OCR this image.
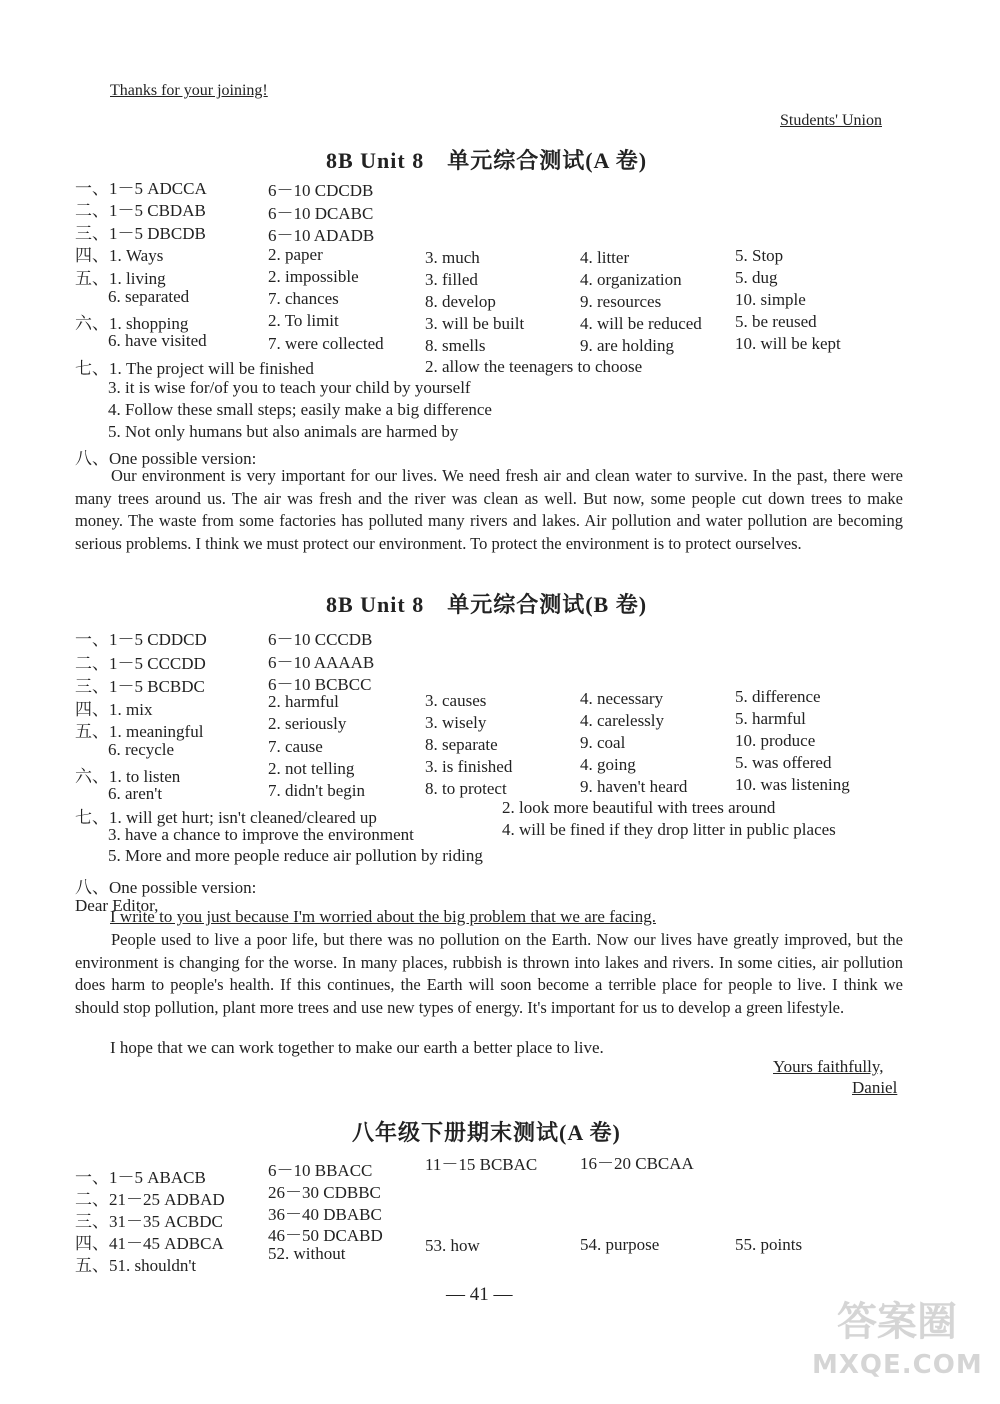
Thanks for your joining!
Students' Union
8B Unit 8　单元综合测试(A 卷)
一、1－5 ADCCA	6－10 CDCDB
二、1－5 CBDAB	6－10 DCABC
三、1－5 DBCDB	6－10 ADADB
四、1. Ways	2. paper	3. much	4. litter	5. Stop
五、1. living	2. impossible	3. filled	4. organization	5. dug
6. separated	7. chances	8. develop	9. resources	10. simple
六、1. shopping	2. To limit	3. will be built	4. will be reduced 5. be reused
6. have visited	7. were collected 8. smells	9. are holding	10. will be kept
七、1. The project will be finished	2. allow the teenagers to choose
3. it is wise for/of you to teach your child by yourself
4. Follow these small steps; easily make a big difference
5. Not only humans but also animals are harmed by
八、One possible version:
Our environment is very important for our lives. We need fresh air and clean water to survive. In the past, there were many trees around us. The air was fresh and the river was clean as well. But now, some people cut down trees to make money. The waste from some factories has polluted many rivers and lakes. Air pollution and water pollution are becoming serious problems. I think we must protect our environment. To protect the environment is to protect ourselves.
8B Unit 8　单元综合测试(B 卷)
一、1－5 CDDCD	6－10 CCCDB
二、1－5 CCCDD	6－10 AAAAB
三、1－5 BCBDC	6－10 BCBCC
四、1. mix	2. harmful	3. causes	4. necessary	5. difference
五、1. meaningful	2. seriously	3. wisely	4. carelessly	5. harmful
6. recycle	7. cause	8. separate	9. coal	10. produce
六、1. to listen	2. not telling	3. is finished	4. going	5. was offered
6. aren't	7. didn't begin	8. to protect	9. haven't heard	10. was listening
七、1. will get hurt; isn't cleaned/cleared up
2. look more beautiful with trees around
3. have a chance to improve the environment	4. will be fined if they drop litter in public places
5. More and more people reduce air pollution by riding
八、One possible version:
Dear Editor,
I write to you just because I'm worried about the big problem that we are facing.
People used to live a poor life, but there was no pollution on the Earth. Now our lives have greatly improved, but the environment is changing for the worse. In many places, rubbish is thrown into lakes and rivers. In some cities, air pollution does harm to people's health. If this continues, the Earth will soon become a terrible place for people to live. I think we should stop pollution, plant more trees and use new types of energy. It's important for us to develop a green lifestyle.
I hope that we can work together to make our earth a better place to live.
Yours faithfully,
Daniel
八年级下册期末测试(A 卷)
一、1－5 ABACB	6－10 BBACC	11－15 BCBAC	16－20 CBCAA
二、21－25 ADBAD	26－30 CDBBC
三、31－35 ACBDC	36－40 DBABC
四、41－45 ADBCA	46－50 DCABD
五、51. shouldn't
52. without	53. how	54. purpose	55. points
— 41 —
答案圈
MXQE.COM
